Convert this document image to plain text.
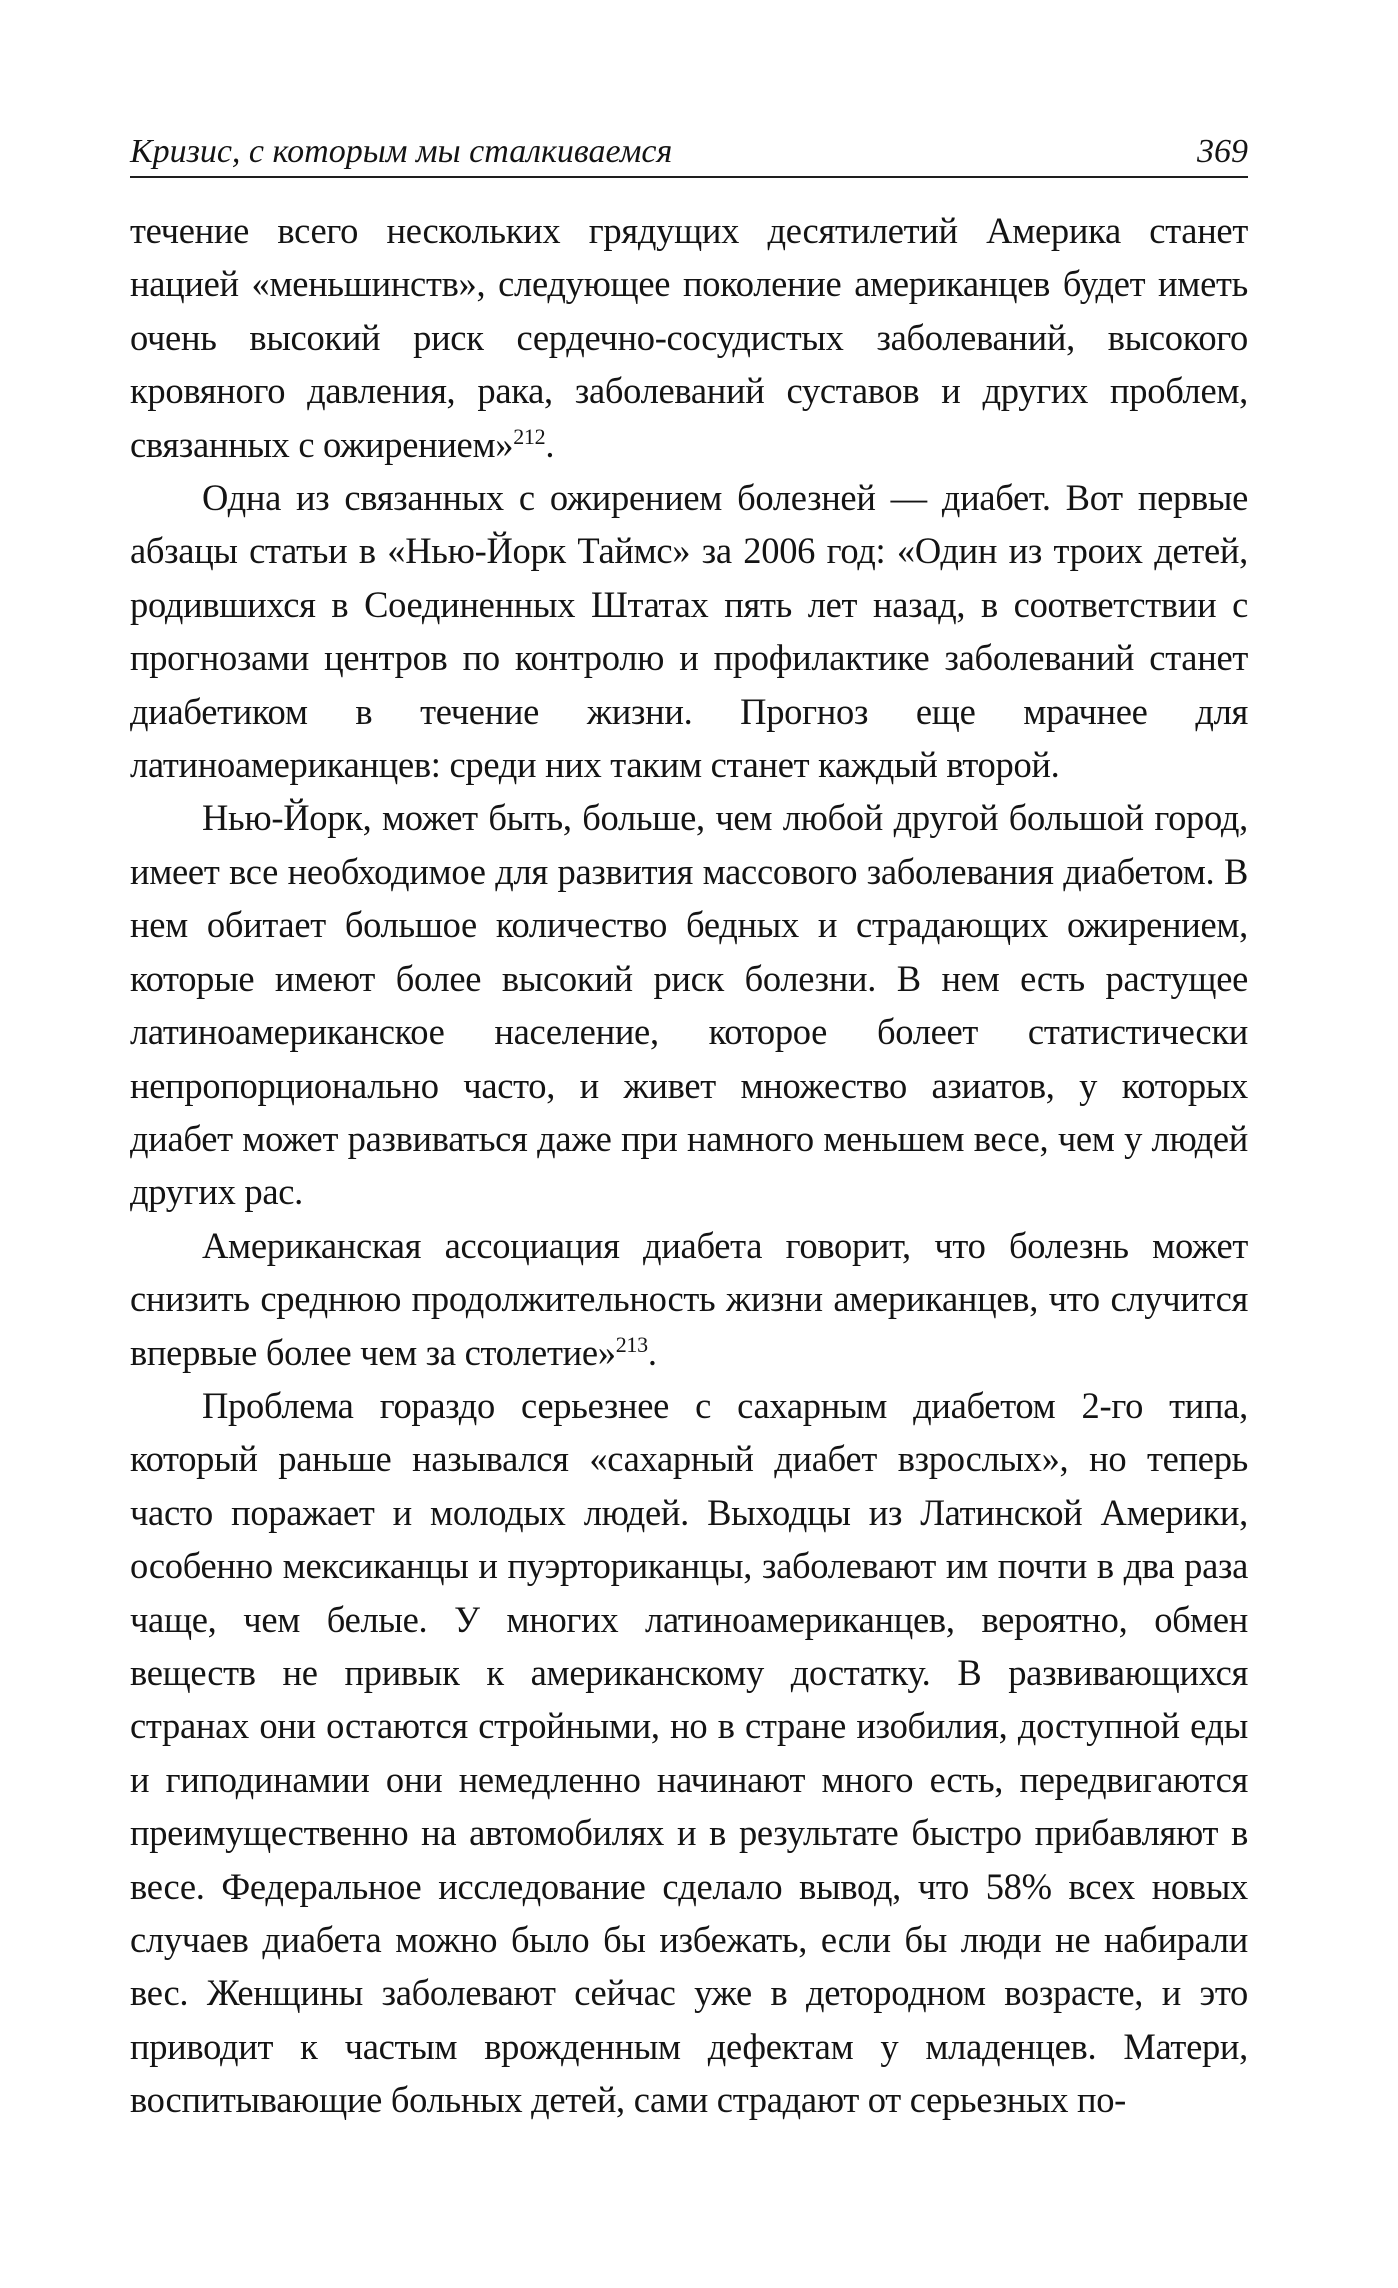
Кризис, с которым мы сталкиваемся	369

течение всего нескольких грядущих десятилетий Америка станет нацией «меньшинств», следующее поколение американцев будет иметь очень высокий риск сердечно-сосудистых заболеваний, высокого кровяного давления, рака, заболеваний суставов и других проблем, связанных с ожирением»$^{212}$.

Одна из связанных с ожирением болезней — диабет. Вот первые абзацы статьи в «Нью-Йорк Таймс» за 2006 год: «Один из троих детей, родившихся в Соединенных Штатах пять лет назад, в соответствии с прогнозами центров по контролю и профилактике заболеваний станет диабетиком в течение жизни. Прогноз еще мрачнее для латиноамериканцев: среди них таким станет каждый второй.

Нью-Йорк, может быть, больше, чем любой другой большой город, имеет все необходимое для развития массового заболевания диабетом. В нем обитает большое количество бедных и страдающих ожирением, которые имеют более высокий риск болезни. В нем есть растущее латиноамериканское население, которое болеет статистически непропорционально часто, и живет множество азиатов, у которых диабет может развиваться даже при намного меньшем весе, чем у людей других рас.

Американская ассоциация диабета говорит, что болезнь может снизить среднюю продолжительность жизни американцев, что случится впервые более чем за столетие»$^{213}$.

Проблема гораздо серьезнее с сахарным диабетом 2-го типа, который раньше назывался «сахарный диабет взрослых», но теперь часто поражает и молодых людей. Выходцы из Латинской Америки, особенно мексиканцы и пуэрториканцы, заболевают им почти в два раза чаще, чем белые. У многих латиноамериканцев, вероятно, обмен веществ не привык к американскому достатку. В развивающихся странах они остаются стройными, но в стране изобилия, доступной еды и гиподинамии они немедленно начинают много есть, передвигаются преимущественно на автомобилях и в результате быстро прибавляют в весе. Федеральное исследование сделало вывод, что 58% всех новых случаев диабета можно было бы избежать, если бы люди не набирали вес. Женщины заболевают сейчас уже в детородном возрасте, и это приводит к частым врожденным дефектам у младенцев. Матери, воспитывающие больных детей, сами страдают от серьезных по-
